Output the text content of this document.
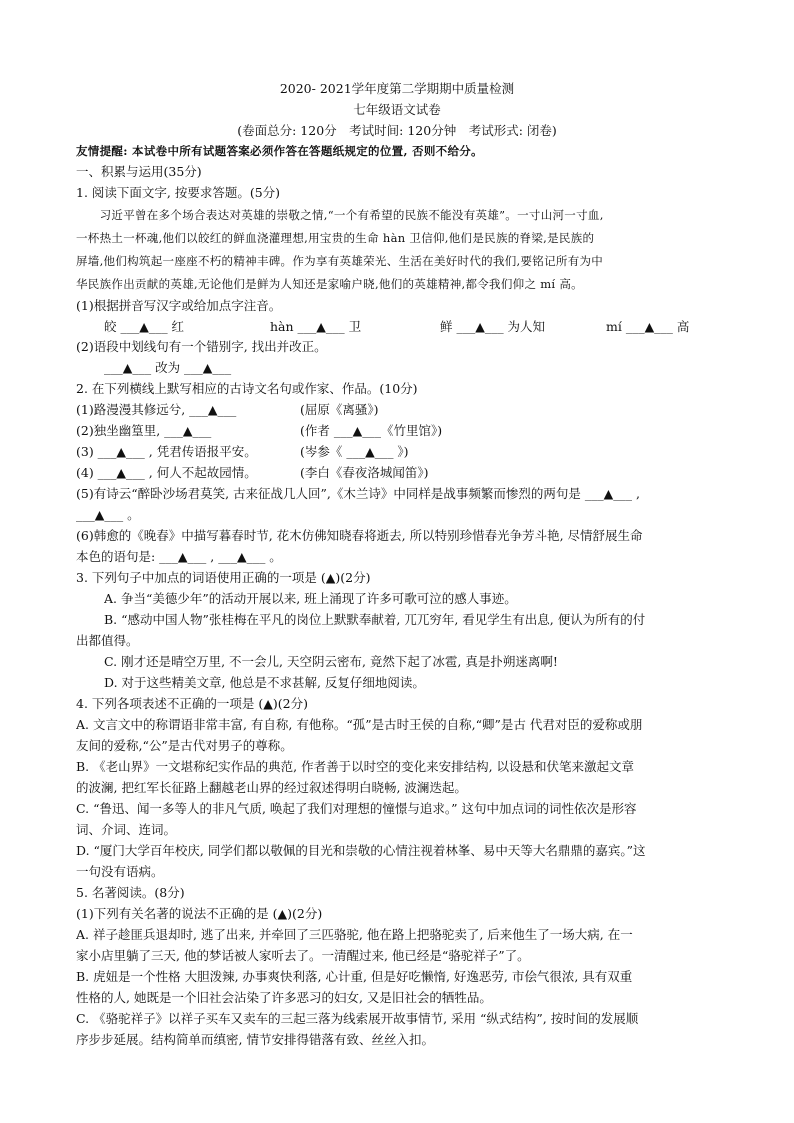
2020- 2021学年度第二学期期中质量检测
七年级语文试卷
(卷面总分: 120分　考试时间: 120分钟　考试形式: 闭卷)
友情提醒: 本试卷中所有试题答案必须作答在答题纸规定的位置, 否则不给分。
一、积累与运用(35分)
1. 阅读下面文字, 按要求答题。(5分)
　　习近平曾在多个场合表达对英雄的崇敬之情,“一个有希望的民族不能没有英雄”。一寸山河一寸血,
一杯热土一杯魂,他们以皎红的鲜血浇灌理想,用宝贵的生命 hàn 卫信仰,他们是民族的脊梁,是民族的
屏墙,他们构筑起一座座不朽的精神丰碑。作为享有英雄荣光、生活在美好时代的我们,要铭记所有为中
华民族作出贡献的英雄,无论他们是鲜为人知还是家喻户晓,他们的英雄精神,都令我们仰之 mí 高。
(1)根据拼音写汉字或给加点字注音。
皎 ___▲___ 红	hàn ___▲___ 卫	鲜 ___▲___ 为人知	mí ___▲___ 高
(2)语段中划线句有一个错别字, 找出并改正。
___▲___ 改为 ___▲___
2. 在下列横线上默写相应的古诗文名句或作家、作品。(10分)
(1)路漫漫其修远兮, ___▲___	(屈原《离骚》)
(2)独坐幽篁里, ___▲___	(作者 ___▲___《竹里馆》)
(3) ___▲___ , 凭君传语报平安。	(岑参《 ___▲___ 》)
(4) ___▲___ , 何人不起故园情。	(李白《春夜洛城闻笛》)
(5)有诗云“醉卧沙场君莫笑, 古来征战几人回”,《木兰诗》中同样是战事频繁而惨烈的两句是 ___▲___ ,
___▲___ 。
(6)韩愈的《晚春》中描写暮春时节, 花木仿佛知晓春将逝去, 所以特别珍惜春光争芳斗艳, 尽情舒展生命
本色的语句是: ___▲___ , ___▲___ 。
3. 下列句子中加点的词语使用正确的一项是 (▲)(2分)
A. 争当“美德少年”的活动开展以来, 班上涌现了许多可歌可泣的感人事迹。
B. “感动中国人物”张桂梅在平凡的岗位上默默奉献着, 兀兀穷年, 看见学生有出息, 便认为所有的付
出都值得。
C. 刚才还是晴空万里, 不一会儿, 天空阴云密布, 竟然下起了冰雹, 真是扑朔迷离啊!
D. 对于这些精美文章, 他总是不求甚解, 反复仔细地阅读。
4. 下列各项表述不正确的一项是 (▲)(2分)
A. 文言文中的称谓语非常丰富, 有自称, 有他称。“孤”是古时王侯的自称,“卿”是古 代君对臣的爱称或朋
友间的爱称,“公”是古代对男子的尊称。
B. 《老山界》一文堪称纪实作品的典范, 作者善于以时空的变化来安排结构, 以设悬和伏笔来激起文章
的波澜, 把红军长征路上翻越老山界的经过叙述得明白晓畅, 波澜迭起。
C. “鲁迅、闻一多等人的非凡气质, 唤起了我们对理想的憧憬与追求。” 这句中加点词的词性依次是形容
词、介词、连词。
D. “厦门大学百年校庆, 同学们都以敬佩的目光和崇敬的心情注视着林峯、易中天等大名鼎鼎的嘉宾。”这
一句没有语病。
5. 名著阅读。(8分)
(1)下列有关名著的说法不正确的是 (▲)(2分)
A. 祥子趁匪兵退却时, 逃了出来, 并牵回了三匹骆驼, 他在路上把骆驼卖了, 后来他生了一场大病, 在一
家小店里躺了三天, 他的梦话被人家听去了。一清醒过来, 他已经是“骆驼祥子”了。
B. 虎妞是一个性格 大胆泼辣, 办事爽快利落, 心计重, 但是好吃懒惰, 好逸恶劳, 市侩气很浓, 具有双重
性格的人, 她既是一个旧社会沾染了许多恶习的妇女, 又是旧社会的牺牲品。
C. 《骆驼祥子》以祥子买车又卖车的三起三落为线索展开故事情节, 采用 “纵式结构”, 按时间的发展顺
序步步延展。结构简单而缜密, 情节安排得错落有致、丝丝入扣。
